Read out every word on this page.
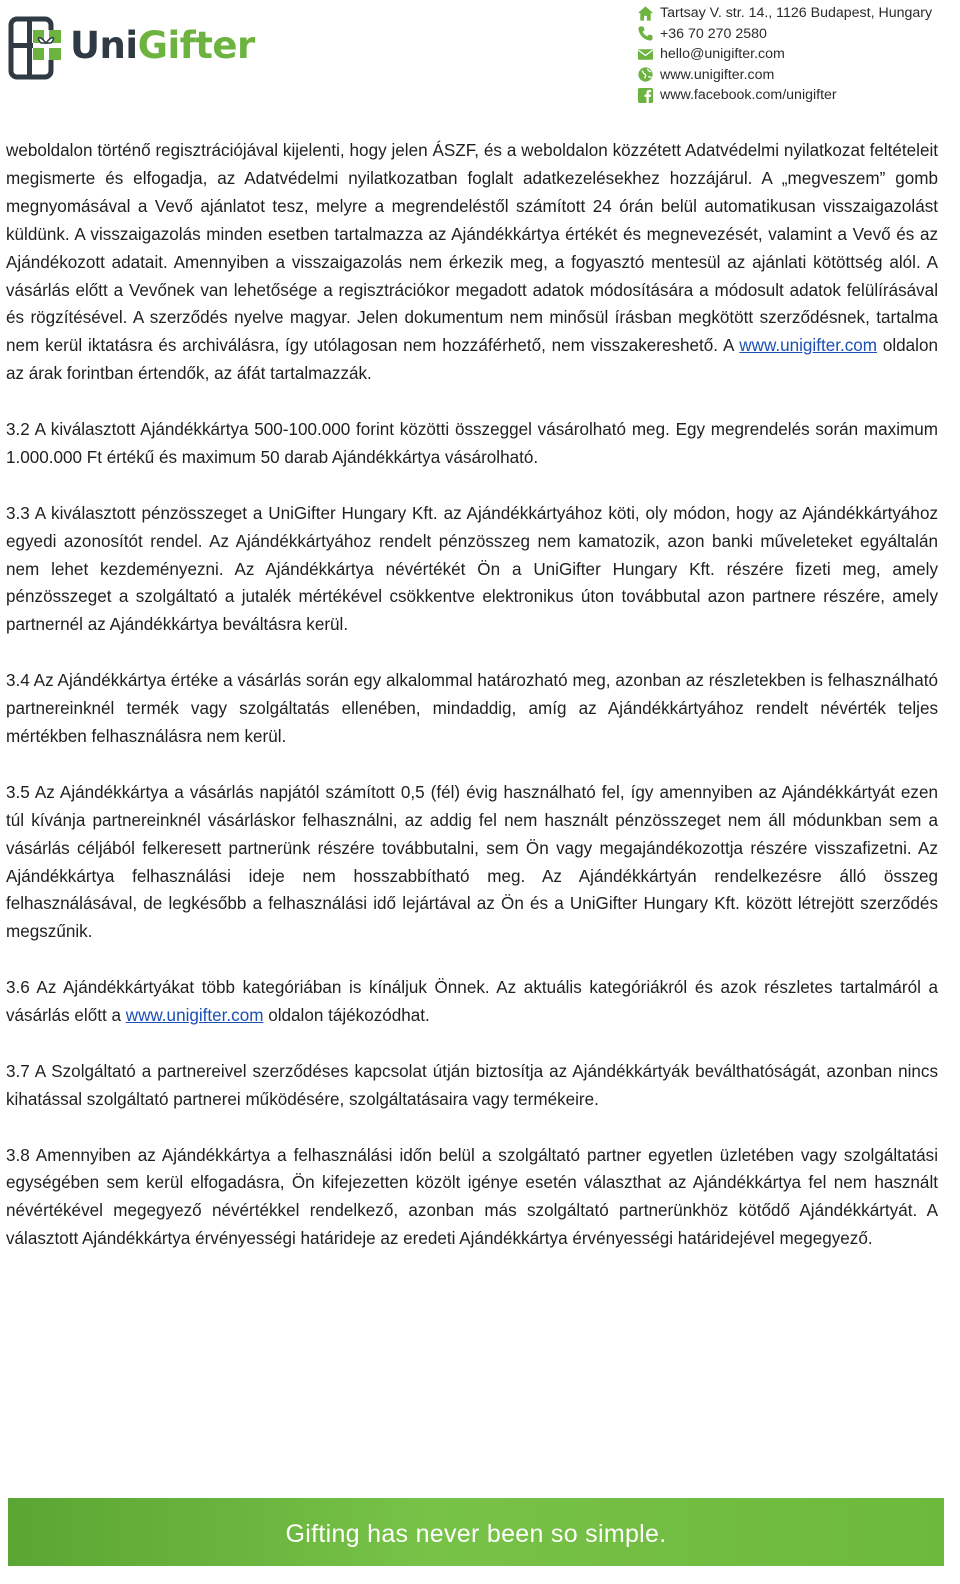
UniGifter
Tartsay V. str. 14., 1126 Budapest, Hungary
+36 70 270 2580
hello@unigifter.com
www.unigifter.com
www.facebook.com/unigifter

weboldalon történő regisztrációjával kijelenti, hogy jelen ÁSZF, és a weboldalon közzétett Adatvédelmi nyilatkozat feltételeit megismerte és elfogadja, az Adatvédelmi nyilatkozatban foglalt adatkezelésekhez hozzájárul. A „megveszem” gomb megnyomásával a Vevő ajánlatot tesz, melyre a megrendeléstől számított 24 órán belül automatikusan visszaigazolást küldünk. A visszaigazolás minden esetben tartalmazza az Ajándékkártya értékét és megnevezését, valamint a Vevő és az Ajándékozott adatait. Amennyiben a visszaigazolás nem érkezik meg, a fogyasztó mentesül az ajánlati kötöttség alól. A vásárlás előtt a Vevőnek van lehetősége a regisztrációkor megadott adatok módosítására a módosult adatok felülírásával és rögzítésével. A szerződés nyelve magyar. Jelen dokumentum nem minősül írásban megkötött szerződésnek, tartalma nem kerül iktatásra és archiválásra, így utólagosan nem hozzáférhető, nem visszakereshető. A www.unigifter.com oldalon az árak forintban értendők, az áfát tartalmazzák.

3.2 A kiválasztott Ajándékkártya 500-100.000 forint közötti összeggel vásárolható meg. Egy megrendelés során maximum 1.000.000 Ft értékű és maximum 50 darab Ajándékkártya vásárolható.

3.3 A kiválasztott pénzösszeget a UniGifter Hungary Kft. az Ajándékkártyához köti, oly módon, hogy az Ajándékkártyához egyedi azonosítót rendel. Az Ajándékkártyához rendelt pénzösszeg nem kamatozik, azon banki műveleteket egyáltalán nem lehet kezdeményezni. Az Ajándékkártya névértékét Ön a UniGifter Hungary Kft. részére fizeti meg, amely pénzösszeget a szolgáltató a jutalék mértékével csökkentve elektronikus úton továbbutal azon partnere részére, amely partnernél az Ajándékkártya beváltásra kerül.

3.4 Az Ajándékkártya értéke a vásárlás során egy alkalommal határozható meg, azonban az részletekben is felhasználható partnereinknél termék vagy szolgáltatás ellenében, mindaddig, amíg az Ajándékkártyához rendelt névérték teljes mértékben felhasználásra nem kerül.

3.5 Az Ajándékkártya a vásárlás napjától számított 0,5 (fél) évig használható fel, így amennyiben az Ajándékkártyát ezen túl kívánja partnereinknél vásárláskor felhasználni, az addig fel nem használt pénzösszeget nem áll módunkban sem a vásárlás céljából felkeresett partnerünk részére továbbutalni, sem Ön vagy megajándékozottja részére visszafizetni. Az Ajándékkártya felhasználási ideje nem hosszabbítható meg. Az Ajándékkártyán rendelkezésre álló összeg felhasználásával, de legkésőbb a felhasználási idő lejártával az Ön és a UniGifter Hungary Kft. között létrejött szerződés megszűnik.

3.6 Az Ajándékkártyákat több kategóriában is kínáljuk Önnek. Az aktuális kategóriákról és azok részletes tartalmáról a vásárlás előtt a www.unigifter.com oldalon tájékozódhat.

3.7 A Szolgáltató a partnereivel szerződéses kapcsolat útján biztosítja az Ajándékkártyák beválthatóságát, azonban nincs kihatással szolgáltató partnerei működésére, szolgáltatásaira vagy termékeire.

3.8 Amennyiben az Ajándékkártya a felhasználási időn belül a szolgáltató partner egyetlen üzletében vagy szolgáltatási egységében sem kerül elfogadásra, Ön kifejezetten közölt igénye esetén választhat az Ajándékkártya fel nem használt névértékével megegyező névértékkel rendelkező, azonban más szolgáltató partnerünkhöz kötődő Ajándékkártyát. A választott Ajándékkártya érvényességi határideje az eredeti Ajándékkártya érvényességi határidejével megegyező.

Gifting has never been so simple.
